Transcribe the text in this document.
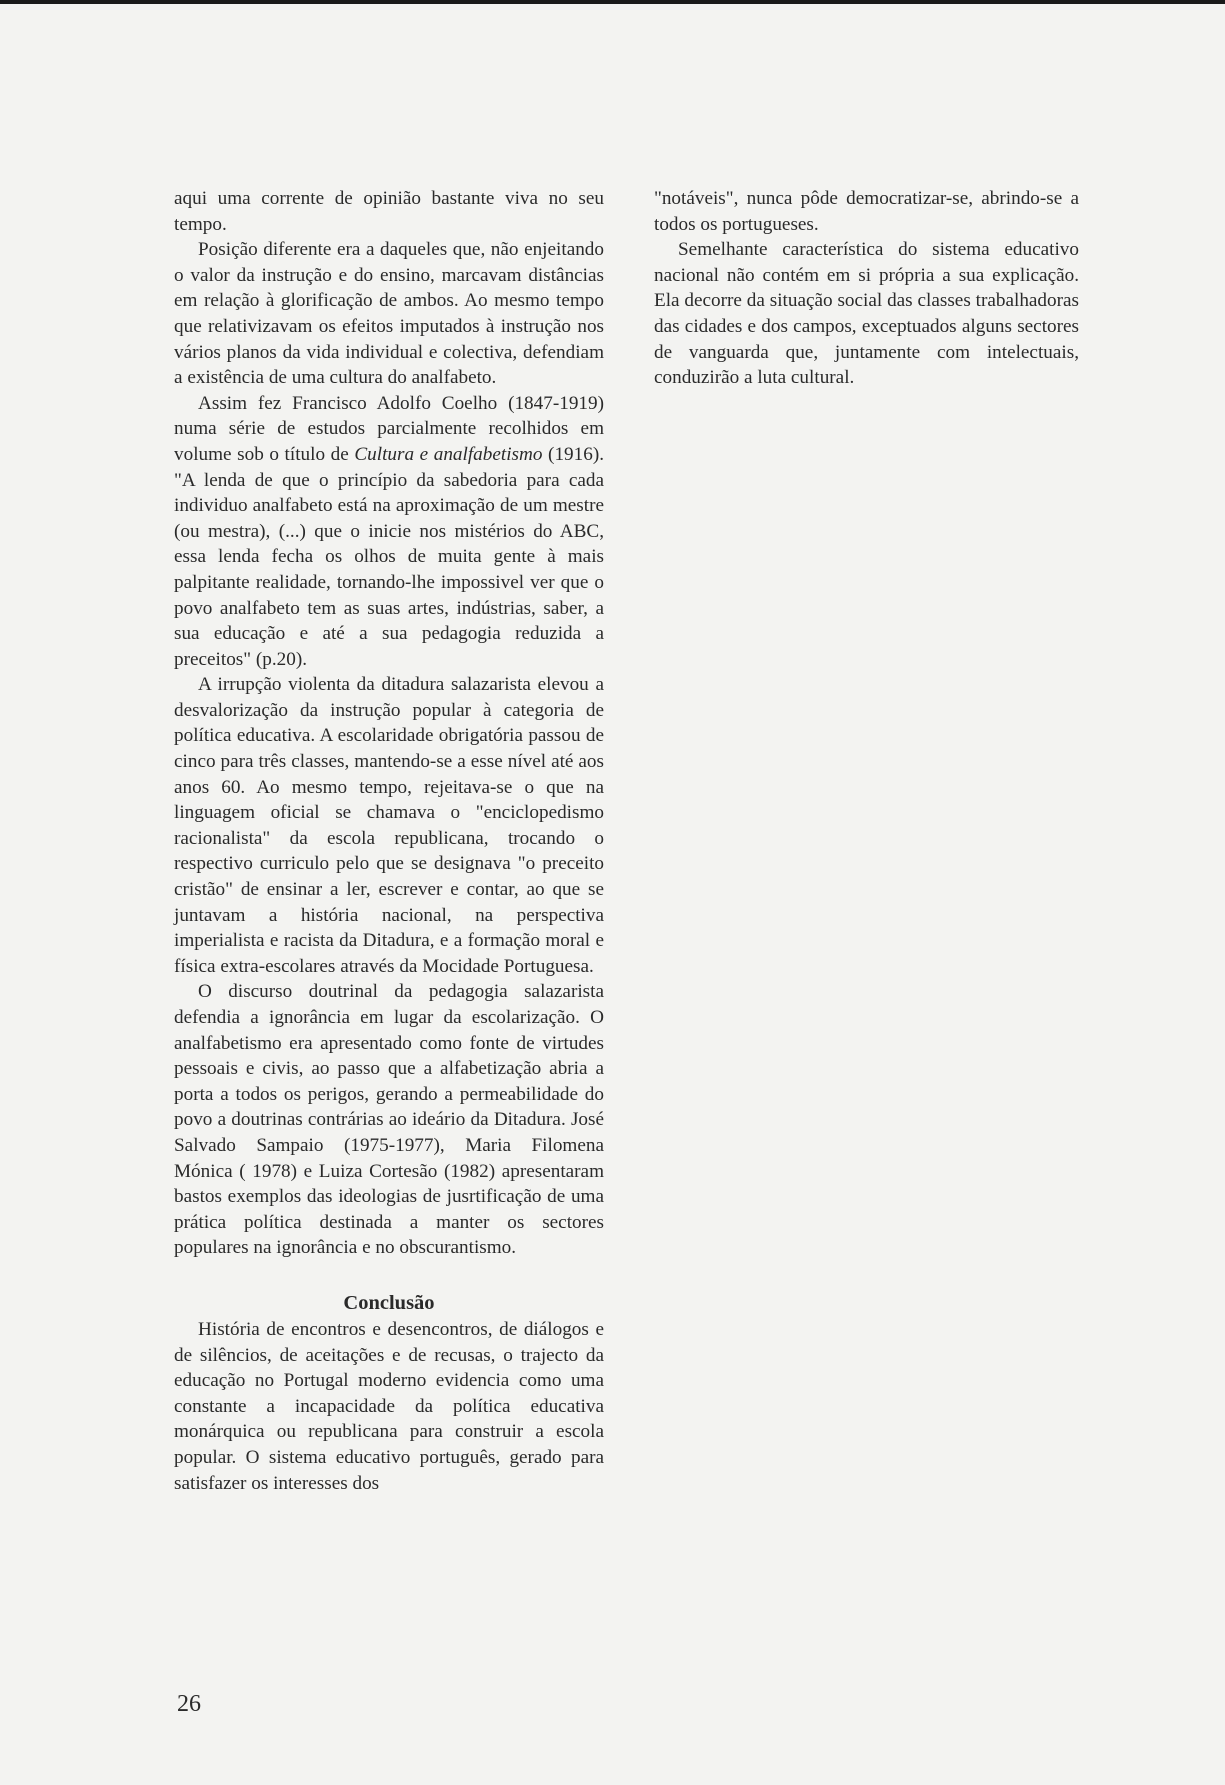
aqui uma corrente de opinião bastante viva no seu tempo.

Posição diferente era a daqueles que, não enjeitando o valor da instrução e do ensino, marcavam distâncias em relação à glorificação de ambos. Ao mesmo tempo que relativizavam os efeitos imputados à instrução nos vários planos da vida individual e colectiva, defendiam a existência de uma cultura do analfabeto.

Assim fez Francisco Adolfo Coelho (1847-1919) numa série de estudos parcialmente recolhidos em volume sob o título de Cultura e analfabetismo (1916). "A lenda de que o princípio da sabedoria para cada individuo analfabeto está na aproximação de um mestre (ou mestra), (...) que o inicie nos mistérios do ABC, essa lenda fecha os olhos de muita gente à mais palpitante realidade, tornando-lhe impossivel ver que o povo analfabeto tem as suas artes, indústrias, saber, a sua educação e até a sua pedagogia reduzida a preceitos" (p.20).

A irrupção violenta da ditadura salazarista elevou a desvalorização da instrução popular à categoria de política educativa. A escolaridade obrigatória passou de cinco para três classes, mantendo-se a esse nível até aos anos 60. Ao mesmo tempo, rejeitava-se o que na linguagem oficial se chamava o "enciclopedismo racionalista" da escola republicana, trocando o respectivo curriculo pelo que se designava "o preceito cristão" de ensinar a ler, escrever e contar, ao que se juntavam a história nacional, na perspectiva imperialista e racista da Ditadura, e a formação moral e física extra-escolares através da Mocidade Portuguesa.

O discurso doutrinal da pedagogia salazarista defendia a ignorância em lugar da escolarização. O analfabetismo era apresentado como fonte de virtudes pessoais e civis, ao passo que a alfabetização abria a porta a todos os perigos, gerando a permeabilidade do povo a doutrinas contrárias ao ideário da Ditadura. José Salvado Sampaio (1975-1977), Maria Filomena Mónica ( 1978) e Luiza Cortesão (1982) apresentaram bastos exemplos das ideologias de jusrtificação de uma prática política destinada a manter os sectores populares na ignorância e no obscurantismo.

Conclusão

História de encontros e desencontros, de diálogos e de silêncios, de aceitações e de recusas, o trajecto da educação no Portugal moderno evidencia como uma constante a incapacidade da política educativa monárquica ou republicana para construir a escola popular. O sistema educativo português, gerado para satisfazer os interesses dos

"notáveis", nunca pôde democratizar-se, abrindo-se a todos os portugueses.

Semelhante característica do sistema educativo nacional não contém em si própria a sua explicação. Ela decorre da situação social das classes trabalhadoras das cidades e dos campos, exceptuados alguns sectores de vanguarda que, juntamente com intelectuais, conduzirão a luta cultural.

26
